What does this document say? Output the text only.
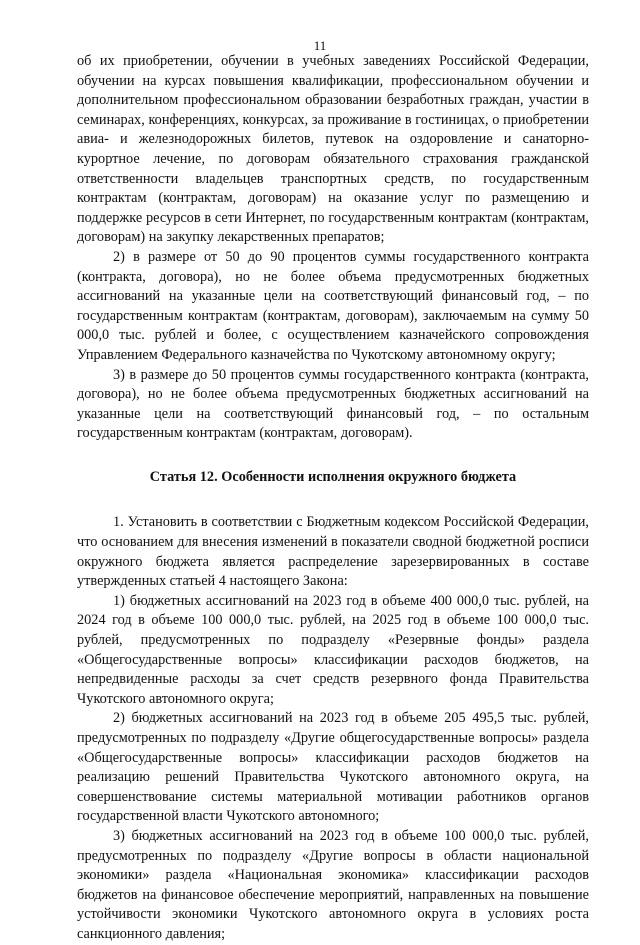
11

об их приобретении, обучении в учебных заведениях Российской Федерации, обучении на курсах повышения квалификации, профессиональном обучении и дополнительном профессиональном образовании безработных граждан, участии в семинарах, конференциях, конкурсах, за проживание в гостиницах, о приобретении авиа- и железнодорожных билетов, путевок на оздоровление и санаторно-курортное лечение, по договорам обязательного страхования гражданской ответственности владельцев транспортных средств, по государственным контрактам (контрактам, договорам) на оказание услуг по размещению и поддержке ресурсов в сети Интернет, по государственным контрактам (контрактам, договорам) на закупку лекарственных препаратов;

2) в размере от 50 до 90 процентов суммы государственного контракта (контракта, договора), но не более объема предусмотренных бюджетных ассигнований на указанные цели на соответствующий финансовый год, – по государственным контрактам (контрактам, договорам), заключаемым на сумму 50 000,0 тыс. рублей и более, с осуществлением казначейского сопровождения Управлением Федерального казначейства по Чукотскому автономному округу;

3) в размере до 50 процентов суммы государственного контракта (контракта, договора), но не более объема предусмотренных бюджетных ассигнований на указанные цели на соответствующий финансовый год, – по остальным государственным контрактам (контрактам, договорам).

Статья 12. Особенности исполнения окружного бюджета

1. Установить в соответствии с Бюджетным кодексом Российской Федерации, что основанием для внесения изменений в показатели сводной бюджетной росписи окружного бюджета является распределение зарезервированных в составе утвержденных статьей 4 настоящего Закона:

1) бюджетных ассигнований на 2023 год в объеме 400 000,0 тыс. рублей, на 2024 год в объеме 100 000,0 тыс. рублей, на 2025 год в объеме 100 000,0 тыс. рублей, предусмотренных по подразделу «Резервные фонды» раздела «Общегосударственные вопросы» классификации расходов бюджетов, на непредвиденные расходы за счет средств резервного фонда Правительства Чукотского автономного округа;

2) бюджетных ассигнований на 2023 год в объеме 205 495,5 тыс. рублей, предусмотренных по подразделу «Другие общегосударственные вопросы» раздела «Общегосударственные вопросы» классификации расходов бюджетов на реализацию решений Правительства Чукотского автономного округа, на совершенствование системы материальной мотивации работников органов государственной власти Чукотского автономного;

3) бюджетных ассигнований на 2023 год в объеме 100 000,0 тыс. рублей, предусмотренных по подразделу «Другие вопросы в области национальной экономики» раздела «Национальная экономика» классификации расходов бюджетов на финансовое обеспечение мероприятий, направленных на повышение устойчивости экономики Чукотского автономного округа в условиях роста санкционного давления;
